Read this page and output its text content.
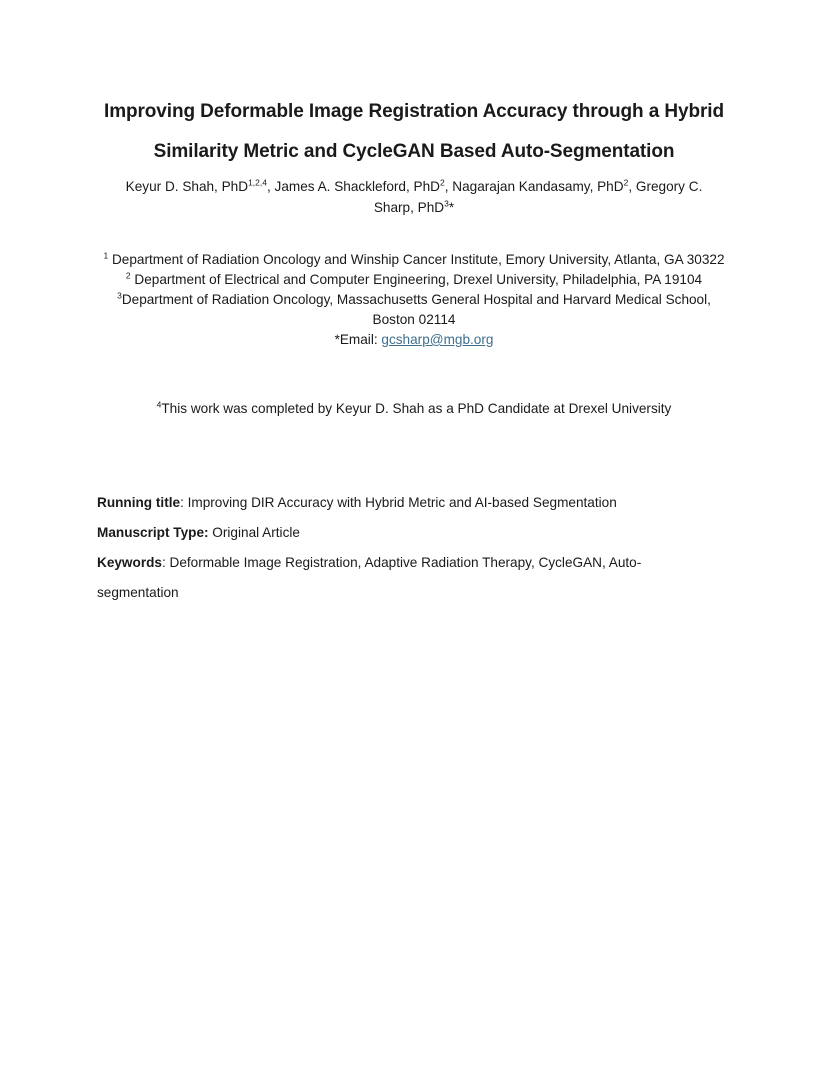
Improving Deformable Image Registration Accuracy through a Hybrid
Similarity Metric and CycleGAN Based Auto-Segmentation
Keyur D. Shah, PhD$^{1,2,4}$, James A. Shackleford, PhD$^2$, Nagarajan Kandasamy, PhD$^2$, Gregory C.
Sharp, PhD$^3$*

$^1$ Department of Radiation Oncology and Winship Cancer Institute, Emory University, Atlanta, GA 30322

$^2$ Department of Electrical and Computer Engineering, Drexel University, Philadelphia, PA 19104

$^3$Department of Radiation Oncology, Massachusetts General Hospital and Harvard Medical School, Boston 02114

*Email: gcsharp@mgb.org

$^4$This work was completed by Keyur D. Shah as a PhD Candidate at Drexel University

Running title: Improving DIR Accuracy with Hybrid Metric and AI-based Segmentation

Manuscript Type: Original Article

Keywords: Deformable Image Registration, Adaptive Radiation Therapy, CycleGAN, Auto-
segmentation
